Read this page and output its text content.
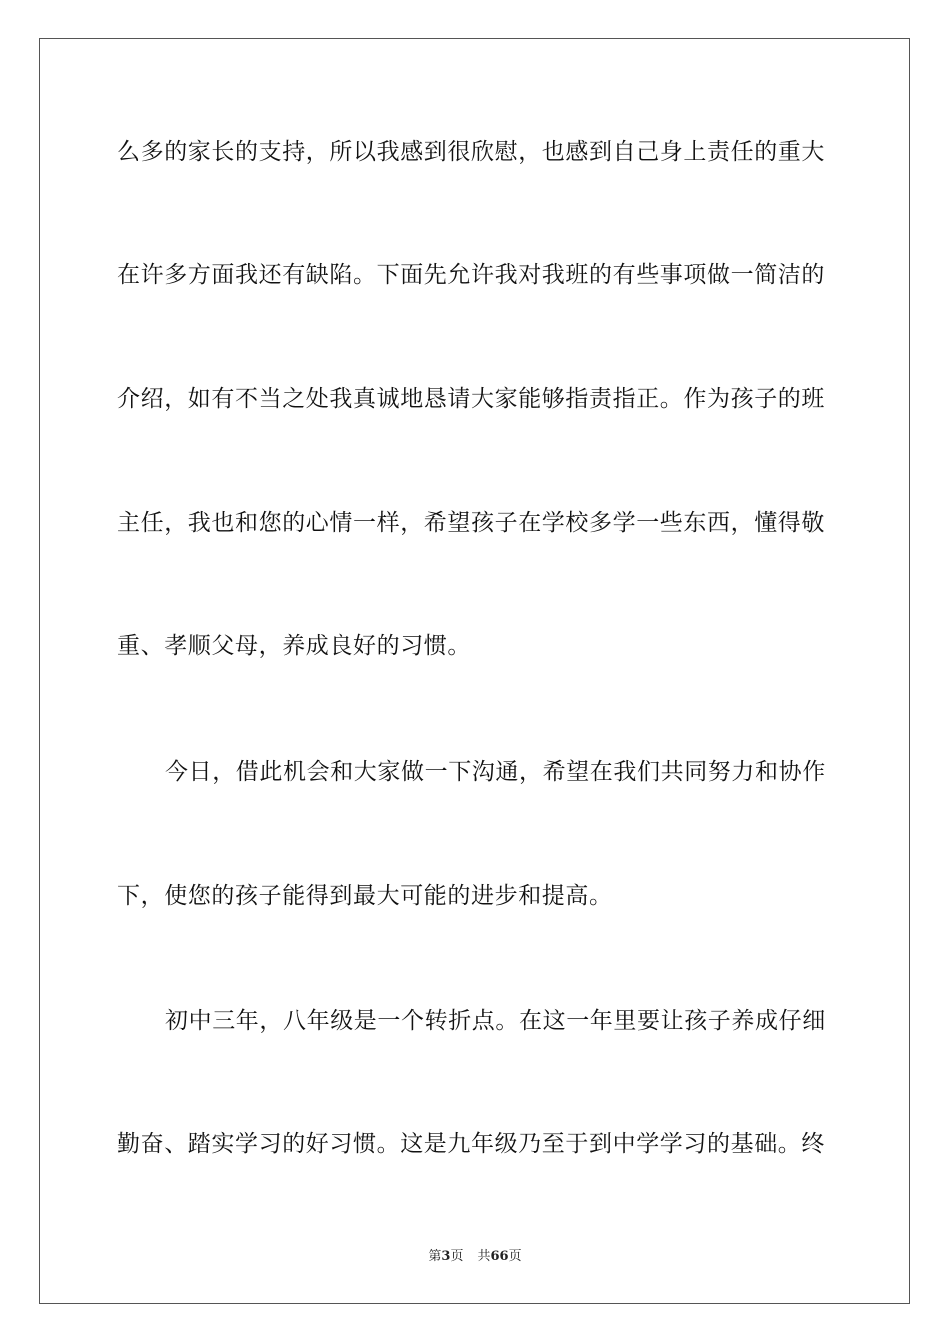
么多的家长的支持，所以我感到很欣慰，也感到自己身上责任的重大
在许多方面我还有缺陷。下面先允许我对我班的有些事项做一简洁的
介绍，如有不当之处我真诚地恳请大家能够指责指正。作为孩子的班
主任，我也和您的心情一样，希望孩子在学校多学一些东西，懂得敬
重、孝顺父母，养成良好的习惯。
今日，借此机会和大家做一下沟通，希望在我们共同努力和协作
下，使您的孩子能得到最大可能的进步和提高。
初中三年，八年级是一个转折点。在这一年里要让孩子养成仔细
勤奋、踏实学习的好习惯。这是九年级乃至于到中学学习的基础。终
第3页 共66页
